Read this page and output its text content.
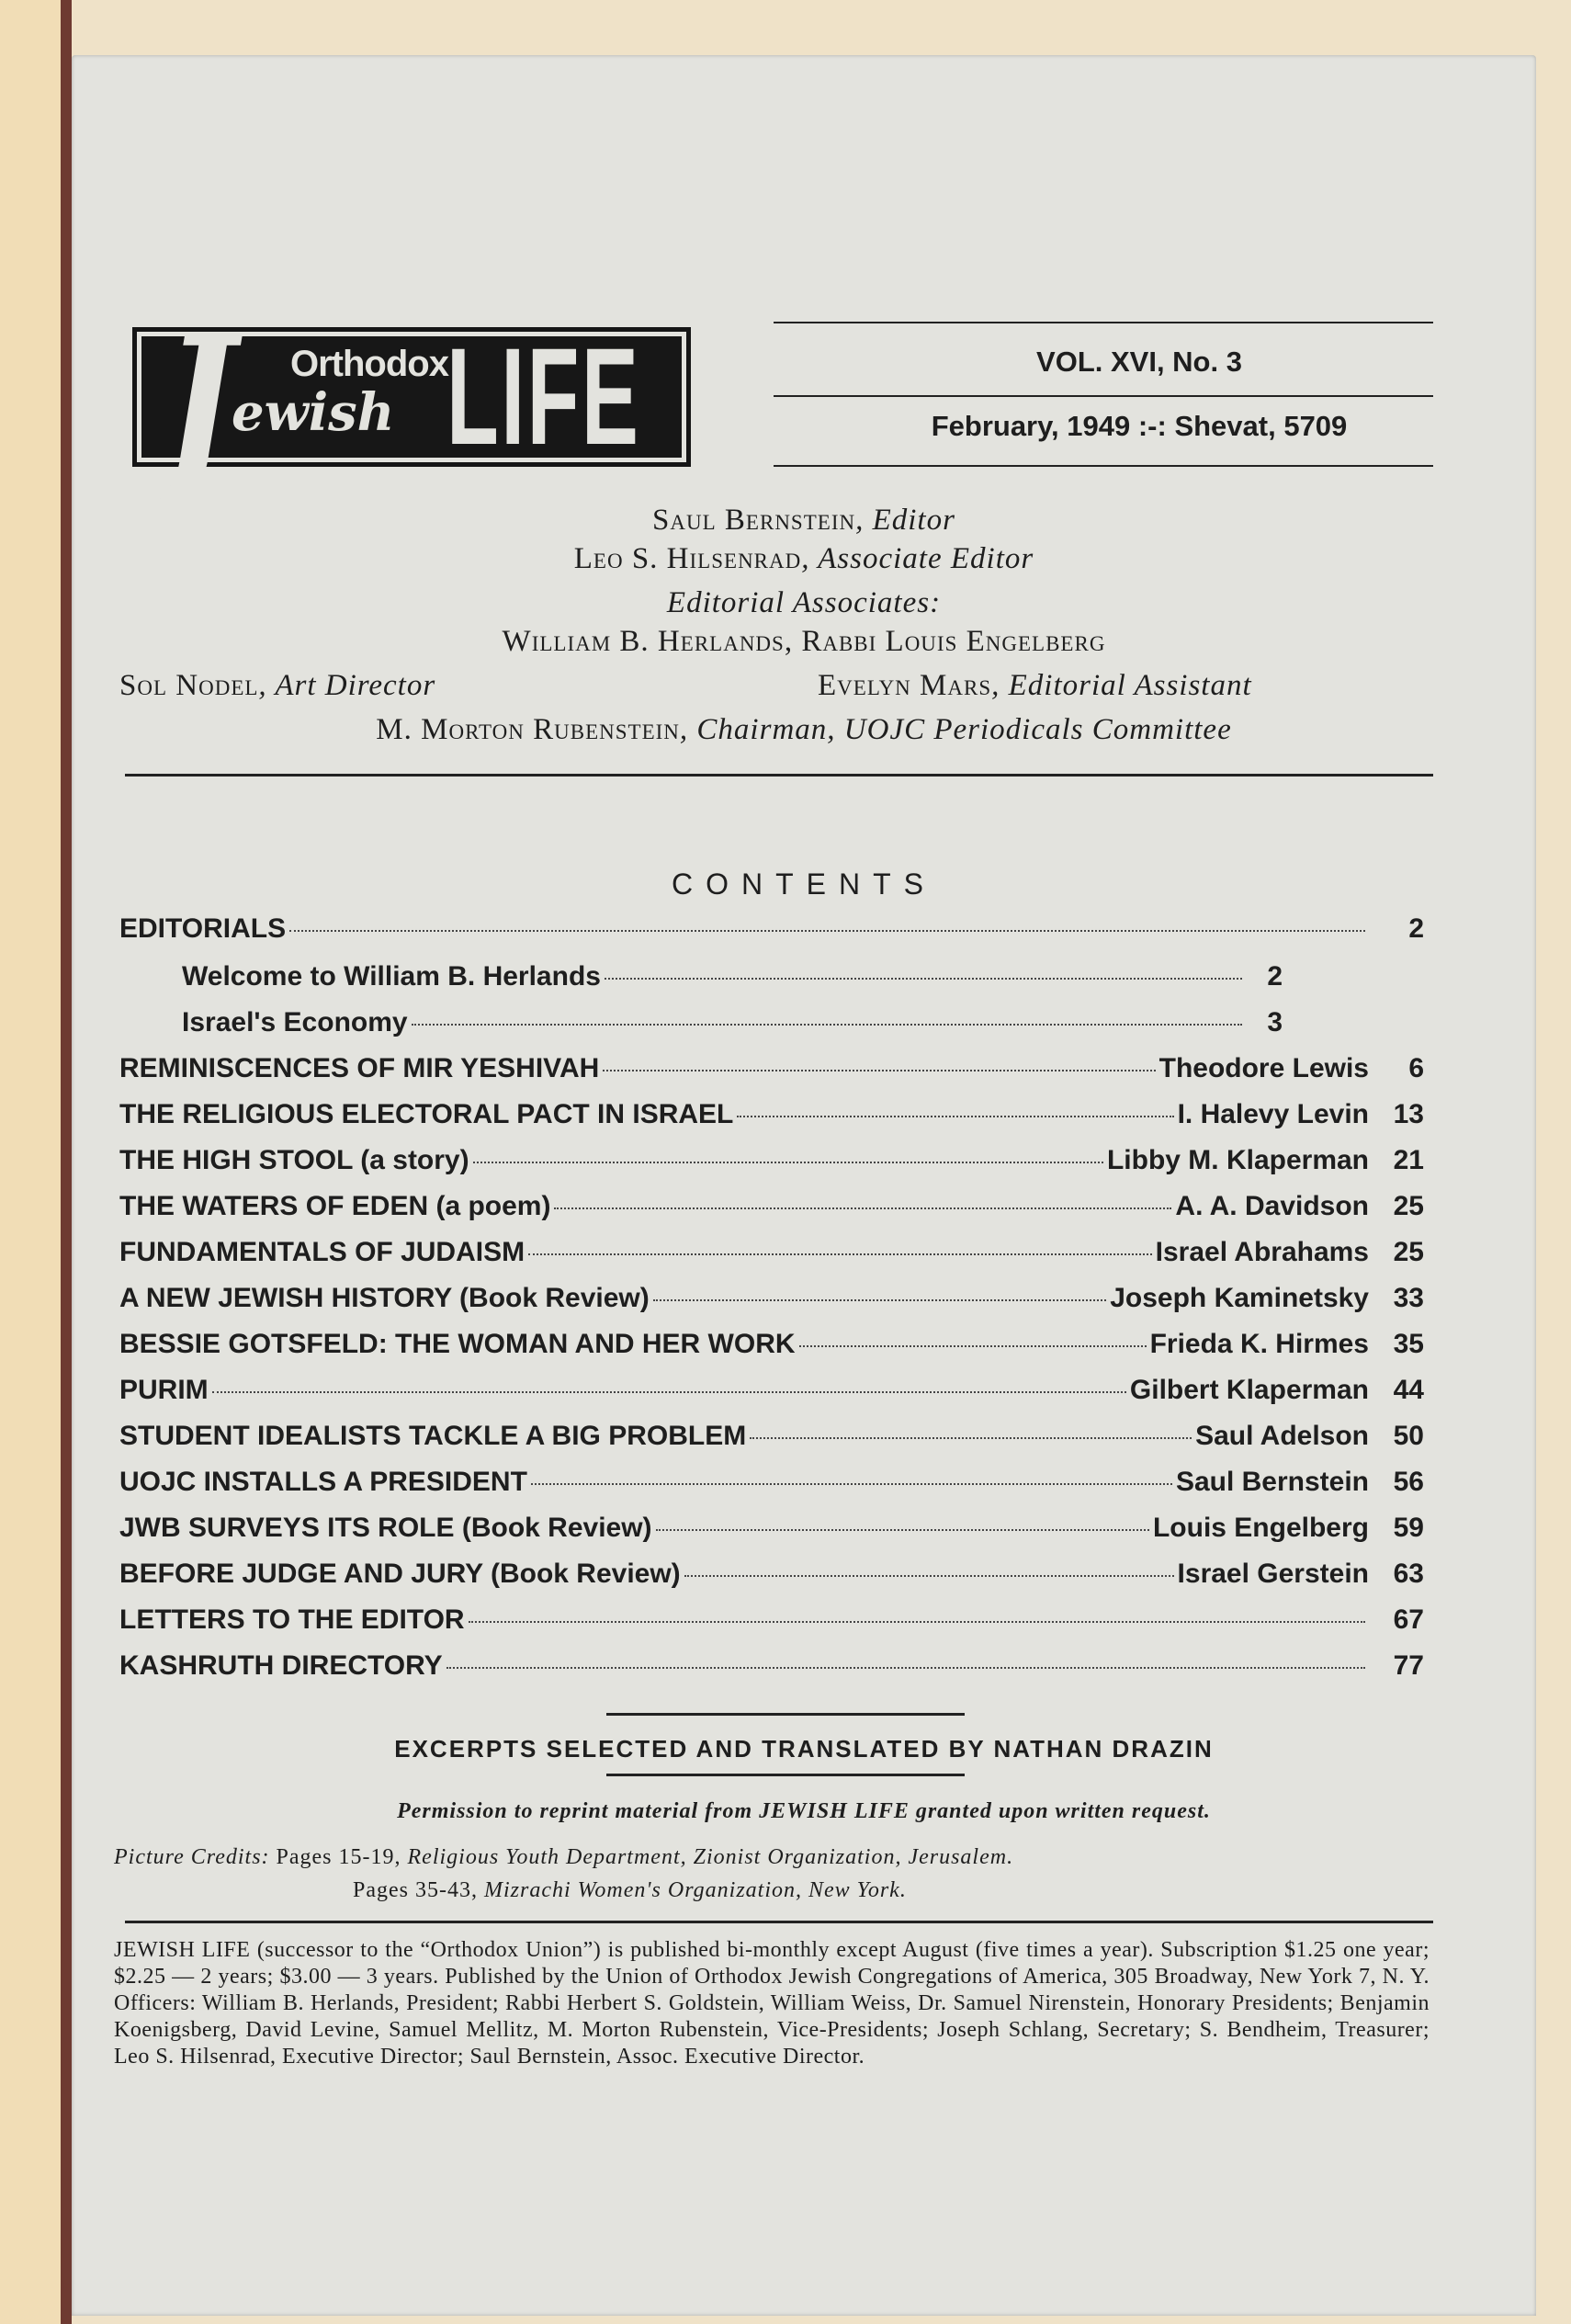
J Orthodox
ewish LIFE	VOL. XVI, No. 3
February, 1949 :-: Shevat, 5709
Saul Bernstein, Editor
Leo S. Hilsenrad, Associate Editor
Editorial Associates:
William B. Herlands, Rabbi Louis Engelberg
Sol Nodel, Art Director	Evelyn Mars, Editorial Assistant
M. Morton Rubenstein, Chairman, UOJC Periodicals Committee
CONTENTS
EDITORIALS	2
Welcome to William B. Herlands	2
Israel's Economy	3
REMINISCENCES OF MIR YESHIVAH	Theodore Lewis	6
THE RELIGIOUS ELECTORAL PACT IN ISRAEL	I. Halevy Levin 13
THE HIGH STOOL (a story)	Libby M. Klaperman 21
THE WATERS OF EDEN (a poem)	A. A. Davidson 25
FUNDAMENTALS OF JUDAISM	Israel Abrahams 25
A NEW JEWISH HISTORY (Book Review)	Joseph Kaminetsky 33
BESSIE GOTSFELD: THE WOMAN AND HER WORK	Frieda K. Hirmes 35
PURIM	Gilbert Klaperman 44
STUDENT IDEALISTS TACKLE A BIG PROBLEM	Saul Adelson 50
UOJC INSTALLS A PRESIDENT	Saul Bernstein 56
JWB SURVEYS ITS ROLE (Book Review)	Louis Engelberg 59
BEFORE JUDGE AND JURY (Book Review)	Israel Gerstein 63
LETTERS TO THE EDITOR	67
KASHRUTH DIRECTORY	77
EXCERPTS SELECTED AND TRANSLATED BY NATHAN DRAZIN
Permission to reprint material from JEWISH LIFE granted upon written request.
Picture Credits: Pages 15-19, Religious Youth Department, Zionist Organization, Jerusalem.
Pages 35-43, Mizrachi Women's Organization, New York.
JEWISH LIFE (successor to the “Orthodox Union”) is published bi-monthly except August (five times a year). Subscription $1.25 one year; $2.25 — 2 years; $3.00 — 3 years. Published by the Union of Orthodox Jewish Congregations of America, 305 Broadway, New York 7, N. Y. Officers: William B. Herlands, President; Rabbi Herbert S. Goldstein, William Weiss, Dr. Samuel Nirenstein, Honorary Presidents; Benjamin Koenigsberg, David Levine, Samuel Mellitz, M. Morton Rubenstein, Vice-Presidents; Joseph Schlang, Secretary; S. Bendheim, Treasurer; Leo S. Hilsenrad, Executive Director; Saul Bernstein, Assoc. Executive Director.
